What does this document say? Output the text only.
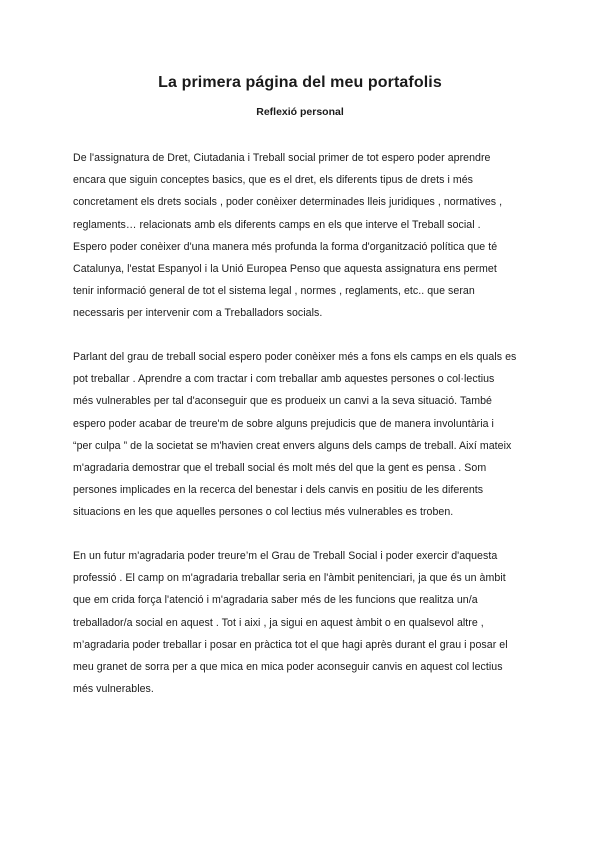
La primera página del meu portafolis
Reflexió personal

De l'assignatura de Dret, Ciutadania i Treball social primer de tot espero poder aprendre
encara que siguin conceptes basics, que es el dret, els diferents tipus de drets i més
concretament els drets socials , poder conèixer determinades lleis juridiques , normatives ,
reglaments… relacionats amb els diferents camps en els que interve el Treball social .
Espero poder conèixer d'una manera més profunda la forma d'organització política que té
Catalunya, l'estat Espanyol i la Unió Europea Penso que aquesta assignatura ens permet
tenir informació general de tot el sistema legal , normes , reglaments, etc.. que seran
necessaris per intervenir com a Treballadors socials.

Parlant del grau de treball social espero poder conèixer més a fons els camps en els quals es
pot treballar . Aprendre a com tractar i com treballar amb aquestes persones o col·lectius
més vulnerables per tal d'aconseguir que es produeix un canvi a la seva situació. També
espero poder acabar de treure'm de sobre alguns prejudicis que de manera involuntària i
“per culpa ” de la societat se m'havien creat envers alguns dels camps de treball. Així mateix
m'agradaria demostrar que el treball social és molt més del que la gent es pensa . Som
persones implicades en la recerca del benestar i dels canvis en positiu de les diferents
situacions en les que aquelles persones o col lectius més vulnerables es troben.

En un futur m'agradaria poder treure’m el Grau de Treball Social i poder exercir d'aquesta
professió . El camp on m'agradaria treballar seria en l'àmbit penitenciari, ja que és un àmbit
que em crida força l'atenció i m'agradaria saber més de les funcions que realitza un/a
treballador/a social en aquest . Tot i aixi , ja sigui en aquest àmbit o en qualsevol altre ,
m’agradaria poder treballar i posar en pràctica tot el que hagi après durant el grau i posar el
meu granet de sorra per a que mica en mica poder aconseguir canvis en aquest col lectius
més vulnerables.
